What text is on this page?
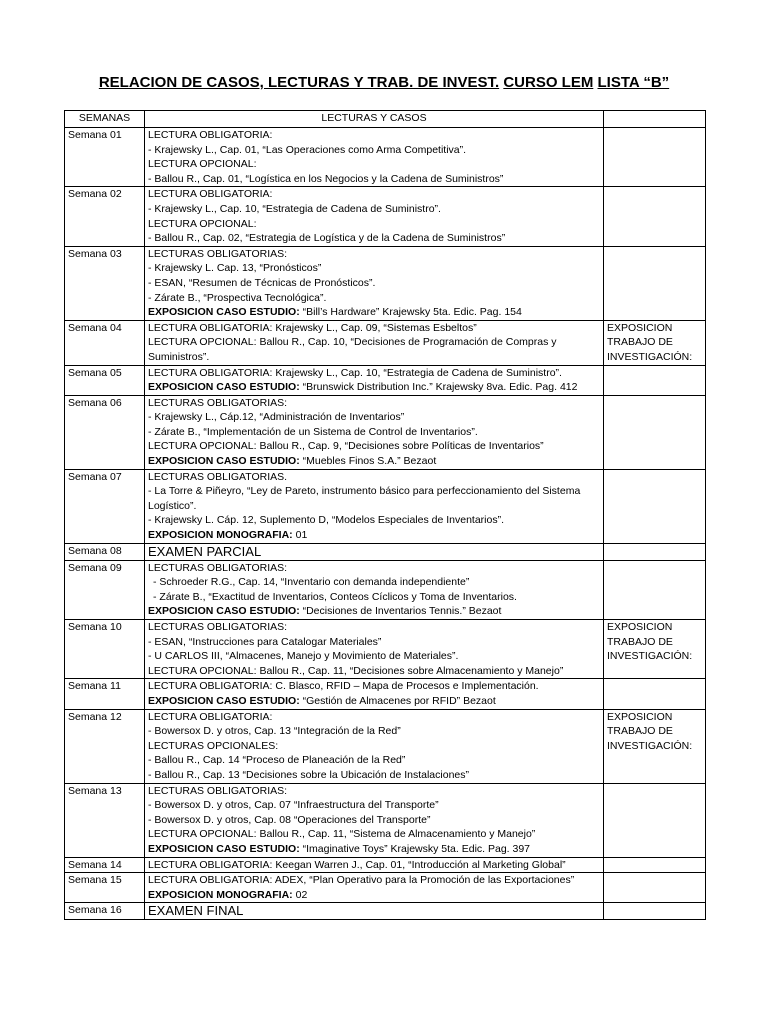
RELACION DE CASOS, LECTURAS Y TRAB. DE INVEST. CURSO LEM LISTA “B”
SEMANAS	LECTURAS Y CASOS	
Semana 01	LECTURA OBLIGATORIA:
- Krajewsky L., Cap. 01, “Las Operaciones como Arma Competitiva”.
LECTURA OPCIONAL:
- Ballou R., Cap. 01, “Logística en los Negocios y la Cadena de Suministros”	

Semana 02	LECTURA OBLIGATORIA:
- Krajewsky L., Cap. 10, “Estrategia de Cadena de Suministro”.
LECTURA OPCIONAL:
- Ballou R., Cap. 02, “Estrategia de Logística y de la Cadena de Suministros”	

Semana 03	LECTURAS OBLIGATORIAS:
- Krajewsky L. Cap. 13, “Pronósticos”
- ESAN, “Resumen de Técnicas de Pronósticos”.
- Zárate B., “Prospectiva Tecnológica”.
EXPOSICION CASO ESTUDIO: “Bill’s Hardware” Krajewsky 5ta. Edic. Pag. 154	

Semana 04	LECTURA OBLIGATORIA: Krajewsky L., Cap. 09, “Sistemas Esbeltos”
LECTURA OPCIONAL: Ballou R., Cap. 10, “Decisiones de Programación de Compras y Suministros”.	EXPOSICION TRABAJO DE INVESTIGACIÓN:
Semana 05	LECTURA OBLIGATORIA: Krajewsky L., Cap. 10, “Estrategia de Cadena de Suministro”.
EXPOSICION CASO ESTUDIO: “Brunswick Distribution Inc.” Krajewsky 8va. Edic. Pag. 412	

Semana 06	LECTURAS OBLIGATORIAS:
- Krajewsky L., Cáp.12, “Administración de Inventarios”
- Zárate B., “Implementación de un Sistema de Control de Inventarios”.
LECTURA OPCIONAL: Ballou R., Cap. 9, “Decisiones sobre Políticas de Inventarios”
EXPOSICION CASO ESTUDIO: “Muebles Finos S.A.” Bezaot	

Semana 07	LECTURAS OBLIGATORIAS.
- La Torre & Piñeyro, “Ley de Pareto, instrumento básico para perfeccionamiento del Sistema Logístico”.
- Krajewsky L. Cáp. 12, Suplemento D, “Modelos Especiales de Inventarios”.
EXPOSICION MONOGRAFIA: 01	

Semana 08	EXAMEN PARCIAL	

Semana 09	LECTURAS OBLIGATORIAS:
- Schroeder R.G., Cap. 14, “Inventario con demanda independiente”
- Zárate B., “Exactitud de Inventarios, Conteos Cíclicos y Toma de Inventarios.
EXPOSICION CASO ESTUDIO: “Decisiones de Inventarios Tennis.” Bezaot	

Semana 10	LECTURAS OBLIGATORIAS:
- ESAN, “Instrucciones para Catalogar Materiales”
- U CARLOS III, “Almacenes, Manejo y Movimiento de Materiales”.
LECTURA OPCIONAL: Ballou R., Cap. 11, “Decisiones sobre Almacenamiento y Manejo”	EXPOSICION TRABAJO DE INVESTIGACIÓN:
Semana 11	LECTURA OBLIGATORIA: C. Blasco, RFID – Mapa de Procesos e Implementación.
EXPOSICION CASO ESTUDIO: “Gestión de Almacenes por RFID” Bezaot	

Semana 12	LECTURA OBLIGATORIA:
- Bowersox D. y otros, Cap. 13 “Integración de la Red”
LECTURAS OPCIONALES:
- Ballou R., Cap. 14 “Proceso de Planeación de la Red”
- Ballou R., Cap. 13 “Decisiones sobre la Ubicación de Instalaciones”	EXPOSICION TRABAJO DE INVESTIGACIÓN:
Semana 13	LECTURAS OBLIGATORIAS:
- Bowersox D. y otros, Cap. 07 “Infraestructura del Transporte”
- Bowersox D. y otros, Cap. 08 “Operaciones del Transporte”
LECTURA OPCIONAL: Ballou R., Cap. 11, “Sistema de Almacenamiento y Manejo”
EXPOSICION CASO ESTUDIO: “Imaginative Toys” Krajewsky 5ta. Edic. Pag. 397	

Semana 14	LECTURA OBLIGATORIA: Keegan Warren J., Cap. 01, “Introducción al Marketing Global”	

Semana 15	LECTURA OBLIGATORIA: ADEX, “Plan Operativo para la Promoción de las Exportaciones”
EXPOSICION MONOGRAFIA: 02	

Semana 16	EXAMEN FINAL	
